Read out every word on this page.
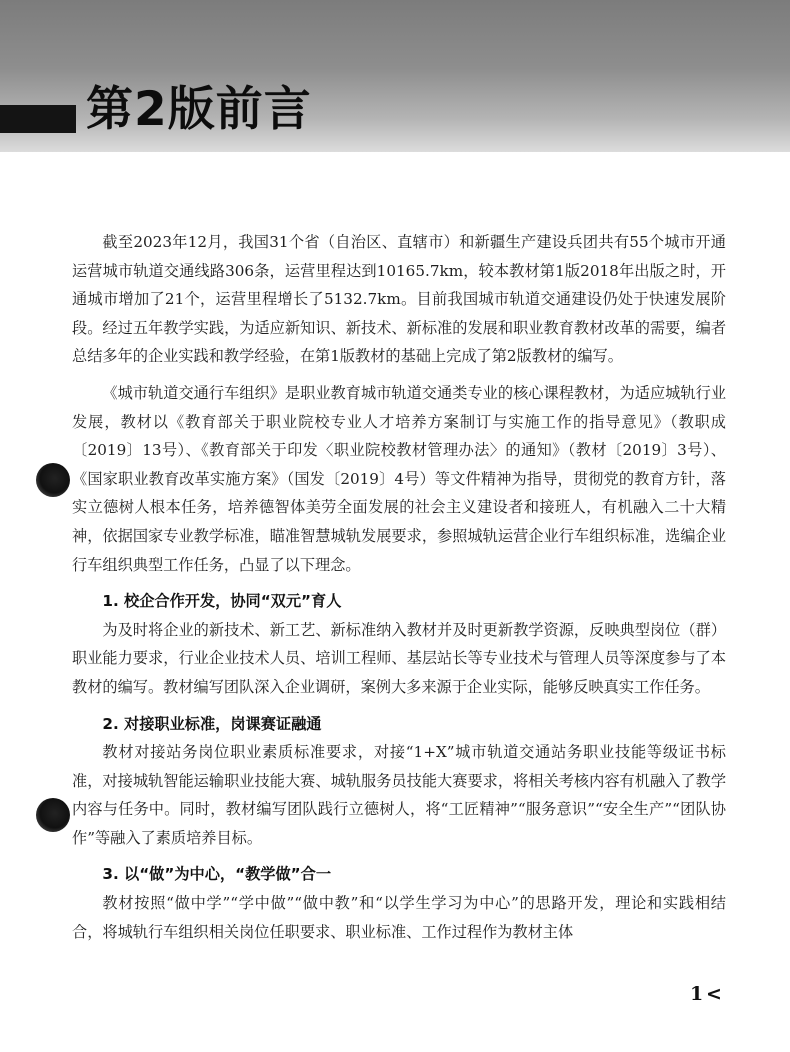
第2版前言

截至2023年12月，我国31个省（自治区、直辖市）和新疆生产建设兵团共有55个城市开通运营城市轨道交通线路306条，运营里程达到10165.7km，较本教材第1版2018年出版之时，开通城市增加了21个，运营里程增长了5132.7km。目前我国城市轨道交通建设仍处于快速发展阶段。经过五年教学实践，为适应新知识、新技术、新标准的发展和职业教育教材改革的需要，编者总结多年的企业实践和教学经验，在第1版教材的基础上完成了第2版教材的编写。

《城市轨道交通行车组织》是职业教育城市轨道交通类专业的核心课程教材，为适应城轨行业发展，教材以《教育部关于职业院校专业人才培养方案制订与实施工作的指导意见》（教职成〔2019〕13号）、《教育部关于印发〈职业院校教材管理办法〉的通知》（教材〔2019〕3号）、《国家职业教育改革实施方案》（国发〔2019〕4号）等文件精神为指导，贯彻党的教育方针，落实立德树人根本任务，培养德智体美劳全面发展的社会主义建设者和接班人，有机融入二十大精神，依据国家专业教学标准，瞄准智慧城轨发展要求，参照城轨运营企业行车组织标准，选编企业行车组织典型工作任务，凸显了以下理念。

1. 校企合作开发，协同“双元”育人

为及时将企业的新技术、新工艺、新标准纳入教材并及时更新教学资源，反映典型岗位（群）职业能力要求，行业企业技术人员、培训工程师、基层站长等专业技术与管理人员等深度参与了本教材的编写。教材编写团队深入企业调研，案例大多来源于企业实际，能够反映真实工作任务。

2. 对接职业标准，岗课赛证融通

教材对接站务岗位职业素质标准要求，对接“1+X”城市轨道交通站务职业技能等级证书标准，对接城轨智能运输职业技能大赛、城轨服务员技能大赛要求，将相关考核内容有机融入了教学内容与任务中。同时，教材编写团队践行立德树人，将“工匠精神”“服务意识”“安全生产”“团队协作”等融入了素质培养目标。

3. 以“做”为中心，“教学做”合一

教材按照“做中学”“学中做”“做中教”和“以学生学习为中心”的思路开发，理论和实践相结合，将城轨行车组织相关岗位任职要求、职业标准、工作过程作为教材主体

1 <
